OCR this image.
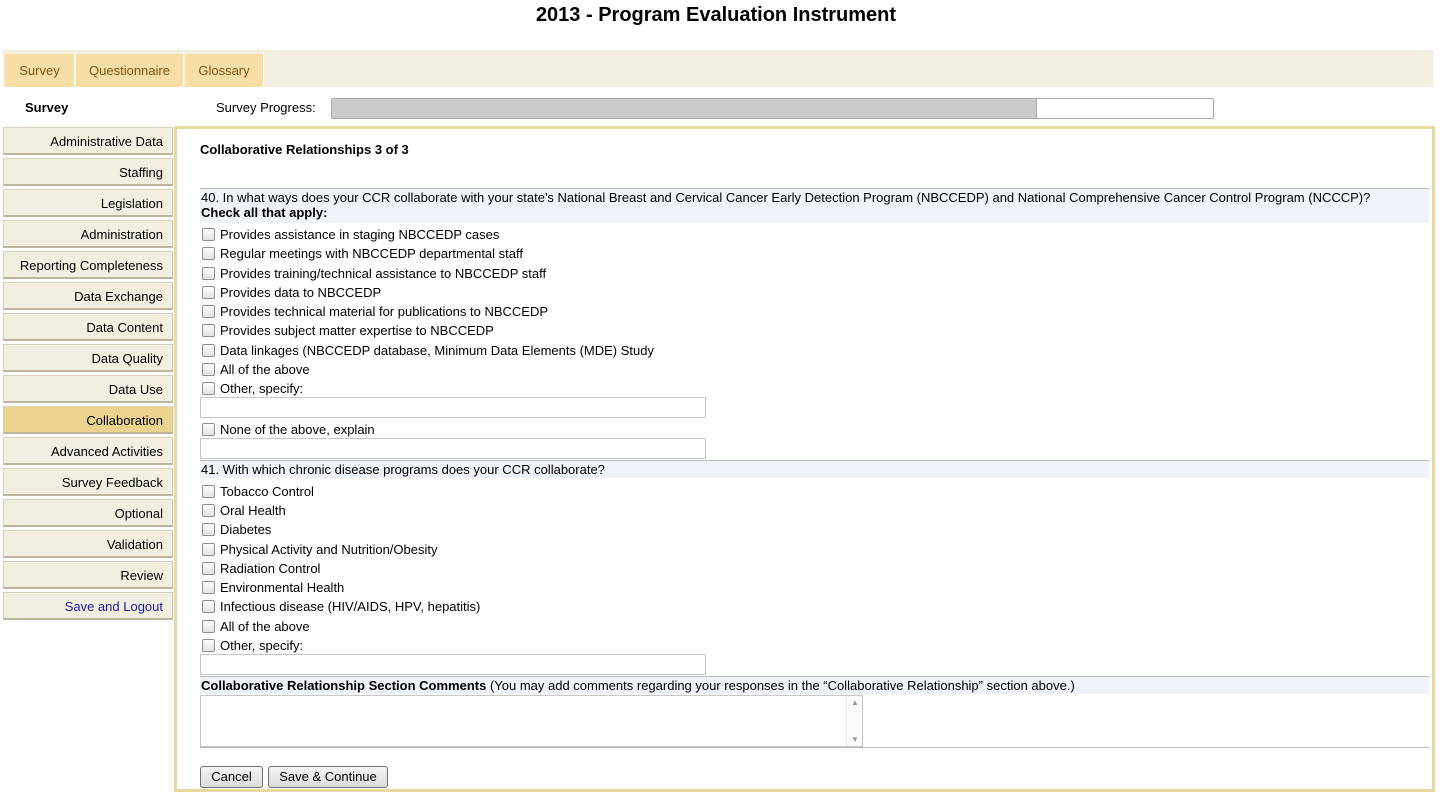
2013 - Program Evaluation Instrument
Survey	Questionnaire	Glossary
Survey	Survey Progress:
Administrative Data
Staffing
Legislation
Administration
Reporting Completeness
Data Exchange
Data Content
Data Quality
Data Use
Collaboration
Advanced Activities
Survey Feedback
Optional
Validation
Review
Save and Logout
Collaborative Relationships 3 of 3
40. In what ways does your CCR collaborate with your state's National Breast and Cervical Cancer Early Detection Program (NBCCEDP) and National Comprehensive Cancer Control Program (NCCCP)?
Check all that apply:
Provides assistance in staging NBCCEDP cases
Regular meetings with NBCCEDP departmental staff
Provides training/technical assistance to NBCCEDP staff
Provides data to NBCCEDP
Provides technical material for publications to NBCCEDP
Provides subject matter expertise to NBCCEDP
Data linkages (NBCCEDP database, Minimum Data Elements (MDE) Study
All of the above
Other, specify:
None of the above, explain
41. With which chronic disease programs does your CCR collaborate?
Tobacco Control
Oral Health
Diabetes
Physical Activity and Nutrition/Obesity
Radiation Control
Environmental Health
Infectious disease (HIV/AIDS, HPV, hepatitis)
All of the above
Other, specify:
Collaborative Relationship Section Comments (You may add comments regarding your responses in the “Collaborative Relationship” section above.)
▲
▼
Cancel	Save & Continue
